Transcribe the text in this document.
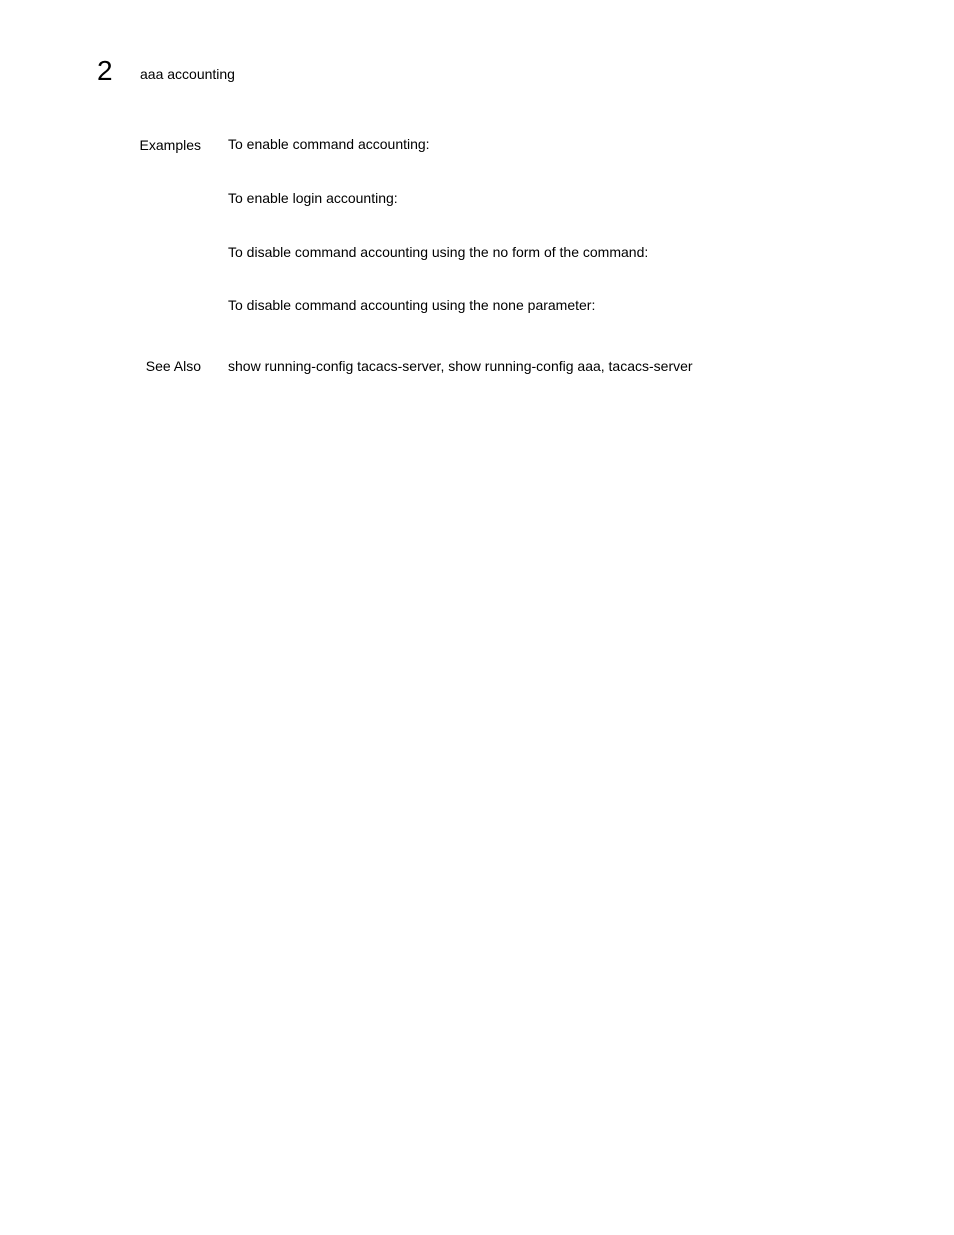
2 aaa accounting
Examples To enable command accounting:
To enable login accounting:
To disable command accounting using the no form of the command:
To disable command accounting using the none parameter:
See Also show running-config tacacs-server, show running-config aaa, tacacs-server
